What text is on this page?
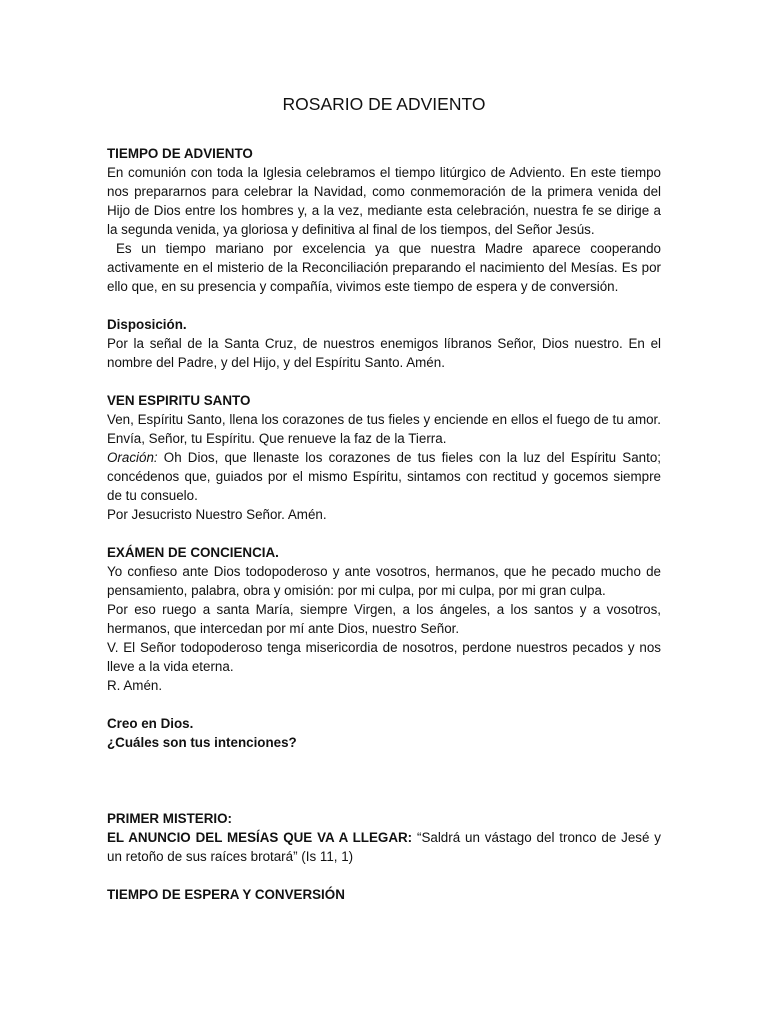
ROSARIO DE ADVIENTO
TIEMPO DE ADVIENTO
En comunión con toda la Iglesia celebramos el tiempo litúrgico de Adviento. En este tiempo nos prepararnos para celebrar la Navidad, como conmemoración de la primera venida del Hijo de Dios entre los hombres y, a la vez, mediante esta celebración, nuestra fe se dirige a la segunda venida, ya gloriosa y definitiva al final de los tiempos, del Señor Jesús.
Es un tiempo mariano por excelencia ya que nuestra Madre aparece cooperando activamente en el misterio de la Reconciliación preparando el nacimiento del Mesías. Es por ello que, en su presencia y compañía, vivimos este tiempo de espera y de conversión.
Disposición.
Por la señal de la Santa Cruz, de nuestros enemigos líbranos Señor, Dios nuestro. En el nombre del Padre, y del Hijo, y del Espíritu Santo. Amén.
VEN ESPIRITU SANTO
Ven, Espíritu Santo, llena los corazones de tus fieles y enciende en ellos el fuego de tu amor. Envía, Señor, tu Espíritu. Que renueve la faz de la Tierra.
Oración: Oh Dios, que llenaste los corazones de tus fieles con la luz del Espíritu Santo; concédenos que, guiados por el mismo Espíritu, sintamos con rectitud y gocemos siempre de tu consuelo.
Por Jesucristo Nuestro Señor. Amén.
EXÁMEN DE CONCIENCIA.
Yo confieso ante Dios todopoderoso y ante vosotros, hermanos, que he pecado mucho de pensamiento, palabra, obra y omisión: por mi culpa, por mi culpa, por mi gran culpa.
Por eso ruego a santa María, siempre Virgen, a los ángeles, a los santos y a vosotros, hermanos, que intercedan por mí ante Dios, nuestro Señor.
V. El Señor todopoderoso tenga misericordia de nosotros, perdone nuestros pecados y nos lleve a la vida eterna.
R. Amén.
Creo en Dios.
¿Cuáles son tus intenciones?
PRIMER MISTERIO:
EL ANUNCIO DEL MESÍAS QUE VA A LLEGAR: “Saldrá un vástago del tronco de Jesé y un retoño de sus raíces brotará” (Is 11, 1)
TIEMPO DE ESPERA Y CONVERSIÓN
